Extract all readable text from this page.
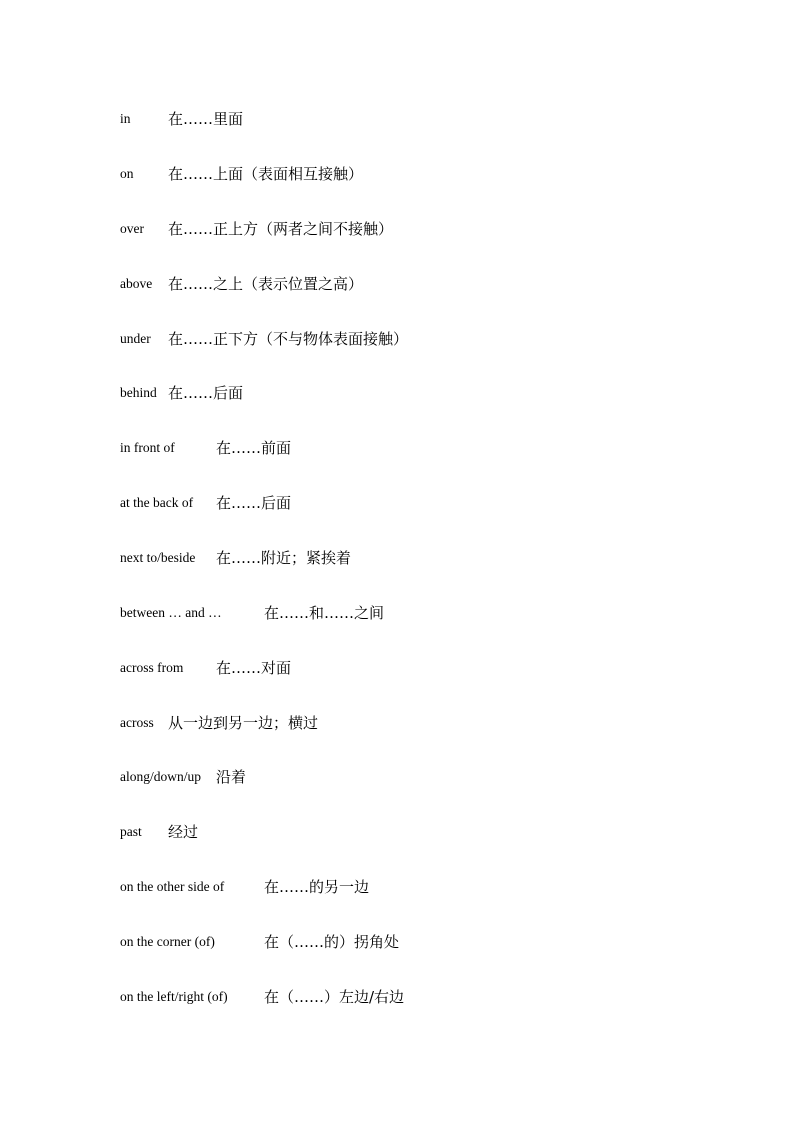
in 在……里面
on 在……上面（表面相互接触）
over 在……正上方（两者之间不接触）
above 在……之上（表示位置之高）
under 在……正下方（不与物体表面接触）
behind 在……后面
in front of	在……前面
at the back of 在……后面
next to/beside 在……附近；紧挨着
between … and …	在……和……之间
across from 在……对面
across 从一边到另一边；横过
along/down/up 沿着
past 经过
on the other side of	在……的另一边
on the corner (of)	在（……的）拐角处
on the left/right (of) 在（……）左边/右边
